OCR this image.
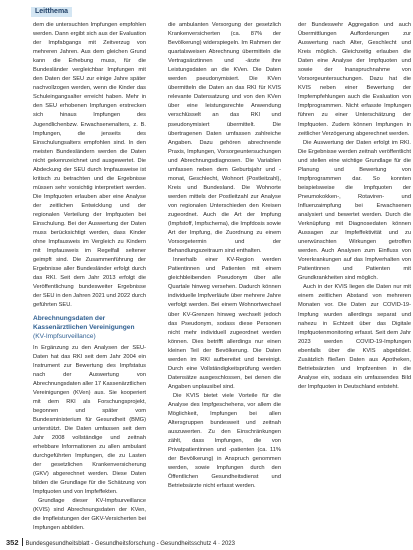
Leitthema

dem die untersuchten Impfungen empfohlen werden. Dann ergibt sich aus der Evaluation der Impfabgangs mit Zeitverzug von mehreren Jahren. Aus dem gleichen Grund kann die Erhebung muss, für die Bundesländer vergleichbar Impfungen mit den Daten der SEU zur einige Jahre später nachvollzogen werden, wenn die Kinder das Schuleingangsalter erreicht haben. Mehr in den SEU erhobenen Impfungen erstrecken sich hinaus Impfungen des Jugendlichenbzw. Erwachsenenalters, z. B. Impfungen, die jenseits des Einschulungsalters empfohlen sind. In den meisten Bundesländern werden die Daten nicht gekennzeichnet und ausgewertet. Die Abdeckung der SEU durch Impfausweise ist kritisch zu betrachten und die Ergebnisse müssen sehr vorsichtig interpretiert werden. Die Impfquoten erlauben aber eine Analyse der zeitlichen Entwicklung und der regionalen Verteilung der Impfquoten bei Einschulung. Bei der Auswertung der Daten muss berücksichtigt werden, dass Kinder ohne Impfausweis im Vergleich zu Kindern mit Impfausweis im Regelfall seltener geimpft sind. Die Zusammenführung der Ergebnisse aller Bundesländer erfolgt durch das RKI. Seit dem Jahr 2013 erfolgt die Veröffentlichung bundesweiter Ergebnisse der SEU in den Jahren 2021 und 2022 durch geführten SEU.

Abrechnungsdaten der Kassenärztlichen Vereinigungen
(KV-Impfsurveillance)

In Ergänzung zu den Analysen der SEU-Daten hat das RKI seit dem Jahr 2004 ein Instrument zur Bewertung des Impfstatus nach der Auswertung von Abrechnungsdaten aller 17 Kassenärztlichen Vereinigungen (KVen) aus. Sie kooperiert mit dem RKI als Forschungsprojekt, begonnen und später vom Bundesministerium für Gesundheit (BMG) unterstützt. Die Daten umfassen seit dem Jahr 2008 vollständige und zeitnah erhebbare Informationen zu allen ambulant durchgeführten Impfungen, die zu Lasten der gesetzlichen Krankenversicherung (GKV) abgerechnet werden. Diese Daten bilden die Grundlage für die Schätzung von Impfquoten und von Impfeffekten.

Grundlage dieser KV-Impfsurveillance (KVIS) sind Abrechnungsdaten der KVen, die Impfleistungen der GKV-Versicherten bei Impfungen abbilden.

die ambulanten Versorgung der gesetzlich Krankenversicherten (ca. 87% der Bevölkerung) widerspiegeln. Im Rahmen der quartalsweisen Abrechnung übermitteln die Vertragsärztinnen und -ärzte ihre Leistungsdaten an die KVen. Die Daten werden pseudonymisiert. Die KVen übermitteln die Daten an das RKI für KVIS relevante Datensatzung und von den KVen über eine leistungsrechte Anwendung verschlüsselt an das RKI und pseudonymisiert übermittelt. Die übertragenen Daten umfassen zahlreiche Angaben. Dazu gehören abrechnende Praxis, Impfungen, Vorsorgeuntersuchungen und Abrechnungsdiagnosen. Die Variablen umfassen neben dem Geburtsjahr und -monat, Geschlecht, Wohnort (Postleitzahl), Kreis und Bundesland. Die Wohnorte werden mittels der Postleitzahl zur Analyse von regionalen Unterschieden den Kreisen zugeordnet. Auch die Art der Impfung (Impfstoff, Impfschema), die Impfdosis sowie Art der Impfung, die Zuordnung zu einem Vorsorgetermin und der Behandlungszeitraum sind enthalten.

Innerhalb einer KV-Region werden Patientinnen und Patienten mit einem gleichbleibenden Pseudonym über alle Quartale hinweg versehen. Dadurch können individuelle Impfverläufe über mehrere Jahre verfolgt werden. Bei einem Wohnortwechsel über KV-Grenzen hinweg wechselt jedoch das Pseudonym, sodass diese Personen nicht mehr individuell zugeordnet werden können. Dies betrifft allerdings nur einen kleinen Teil der Bevölkerung. Die Daten werden im RKI aufbereitet und bereinigt. Durch eine Vollständigkeitsprüfung werden Datensätze ausgeschlossen, bei denen die Angaben unplausibel sind.

Die KVIS bietet viele Vorteile für die Analyse des Impfgeschehens, vor allem die Möglichkeit, Impfungen bei allen Altersgruppen bundesweit und zeitnah auszuwerten. Zu den Einschränkungen zählt, dass Impfungen, die von Privatpatientinnen und -patienten (ca. 11% der Bevölkerung) in Anspruch genommen werden, sowie Impfungen durch den Öffentlichen Gesundheitsdienst und Betriebsärzte nicht erfasst werden.

der Bundeswehr Aggregation und auch Übermittlungen Aufforderungen zur Auswertung nach Alter, Geschlecht und Kreis möglich. Gleichzeitig erlauben die Daten eine Analyse der Impfquoten und sowie der Inanspruchnahme von Vorsorgeuntersuchungen. Dazu hat die KVIS neben einer Bewertung der Impfempfehlungen auch die Evaluation von Impfprogrammen. Nicht erfasste Impfungen führen zu einer Unterschätzung der Impfquoten. Zudem können Impfungen in zeitlicher Verzögerung abgerechnet werden.

Die Auswertung der Daten erfolgt im RKI. Die Ergebnisse werden zeitnah veröffentlicht und stellen eine wichtige Grundlage für die Planung und Bewertung von Impfprogrammen dar. So konnten beispielsweise die Impfquoten der Pneumokokken-, Rotaviren- und Influenzaimpfung bei Erwachsenen analysiert und bewertet werden. Durch die Verknüpfung mit Diagnosedaten können Aussagen zur Impfeffektivität und zu unerwünschten Wirkungen getroffen werden. Auch Analysen zum Einfluss von Vorerkrankungen auf das Impfverhalten von Patientinnen und Patienten mit Grundkrankheiten sind möglich.

Auch in der KVIS liegen die Daten nur mit einem zeitlichen Abstand von mehreren Monaten vor. Die Daten zur COVID-19-Impfung wurden allerdings separat und nahezu in Echtzeit über das Digitale Impfquotenmonitoring erfasst. Seit dem Jahr 2023 werden COVID-19-Impfungen ebenfalls über die KVIS abgebildet. Zusätzlich fließen Daten aus Apotheken, Betriebsärzten und Impfzentren in die Analyse ein, sodass ein umfassendes Bild der Impfquoten in Deutschland entsteht.

352 Bundesgesundheitsblatt - Gesundheitsforschung - Gesundheitsschutz 4 · 2023
